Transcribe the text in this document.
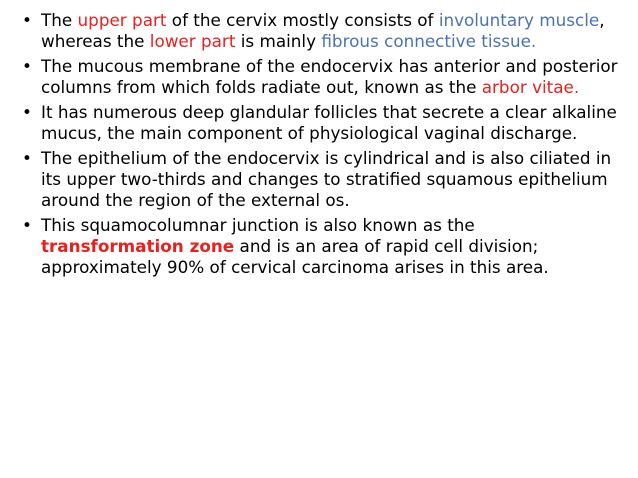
• The upper part of the cervix mostly consists of involuntary muscle, whereas the lower part is mainly fibrous connective tissue.
• The mucous membrane of the endocervix has anterior and posterior columns from which folds radiate out, known as the arbor vitae.
• It has numerous deep glandular follicles that secrete a clear alkaline mucus, the main component of physiological vaginal discharge.
• The epithelium of the endocervix is cylindrical and is also ciliated in its upper two-thirds and changes to stratified squamous epithelium around the region of the external os.
• This squamocolumnar junction is also known as the transformation zone and is an area of rapid cell division; approximately 90% of cervical carcinoma arises in this area.
